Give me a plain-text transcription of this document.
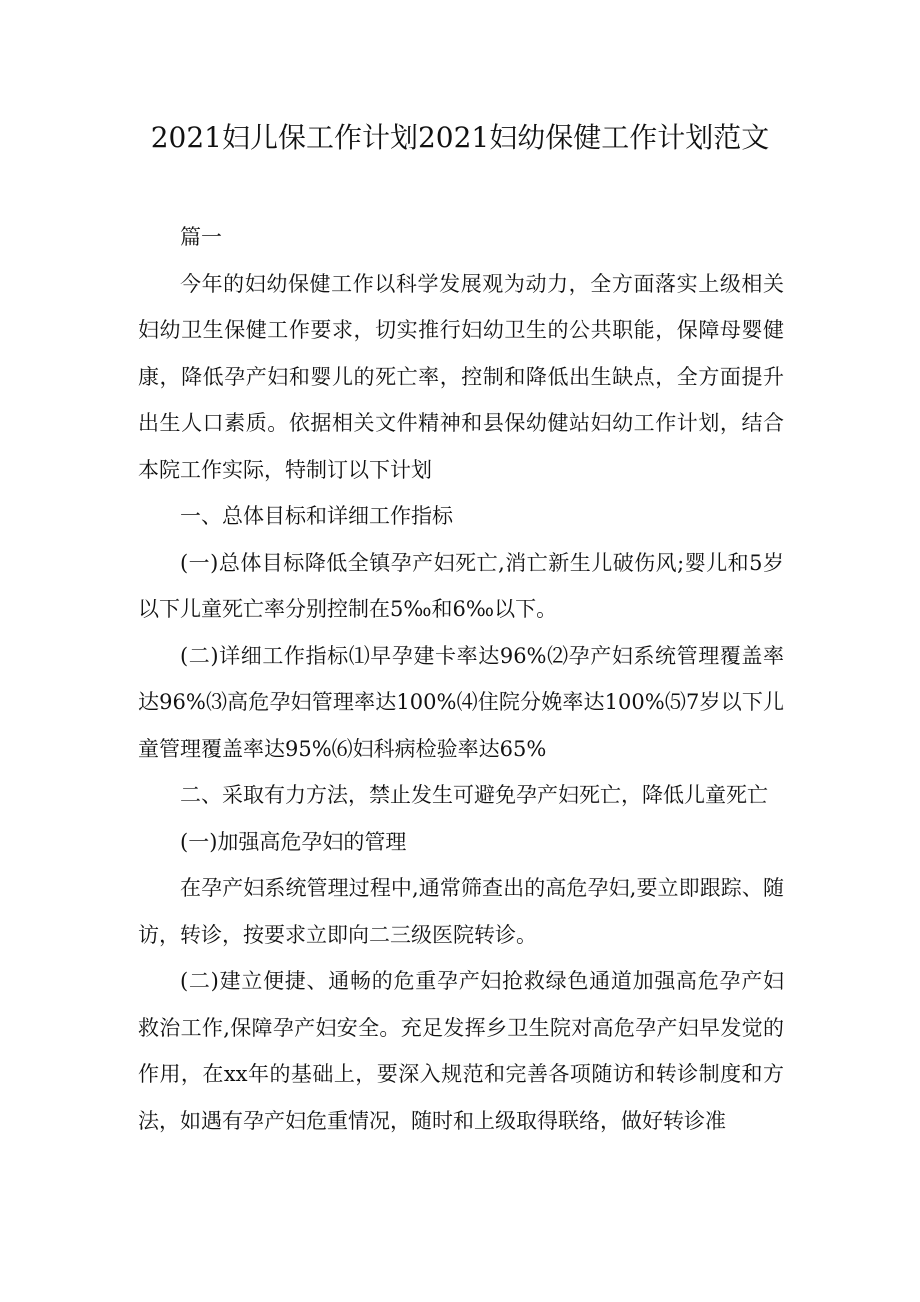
2021妇儿保工作计划2021妇幼保健工作计划范文

篇一

今年的妇幼保健工作以科学发展观为动力，全方面落实上级相关妇幼卫生保健工作要求，切实推行妇幼卫生的公共职能，保障母婴健康，降低孕产妇和婴儿的死亡率，控制和降低出生缺点，全方面提升出生人口素质。依据相关文件精神和县保幼健站妇幼工作计划，结合本院工作实际，特制订以下计划

一、总体目标和详细工作指标

(一)总体目标降低全镇孕产妇死亡,消亡新生儿破伤风;婴儿和5岁以下儿童死亡率分别控制在5‰和6‰以下。

(二)详细工作指标⑴早孕建卡率达96%⑵孕产妇系统管理覆盖率达96%⑶高危孕妇管理率达100%⑷住院分娩率达100%⑸7岁以下儿童管理覆盖率达95%⑹妇科病检验率达65%

二、采取有力方法，禁止发生可避免孕产妇死亡，降低儿童死亡

(一)加强高危孕妇的管理

在孕产妇系统管理过程中,通常筛查出的高危孕妇,要立即跟踪、随访，转诊，按要求立即向二三级医院转诊。

(二)建立便捷、通畅的危重孕产妇抢救绿色通道加强高危孕产妇救治工作,保障孕产妇安全。充足发挥乡卫生院对高危孕产妇早发觉的作用，在xx年的基础上，要深入规范和完善各项随访和转诊制度和方法，如遇有孕产妇危重情况，随时和上级取得联络，做好转诊准
